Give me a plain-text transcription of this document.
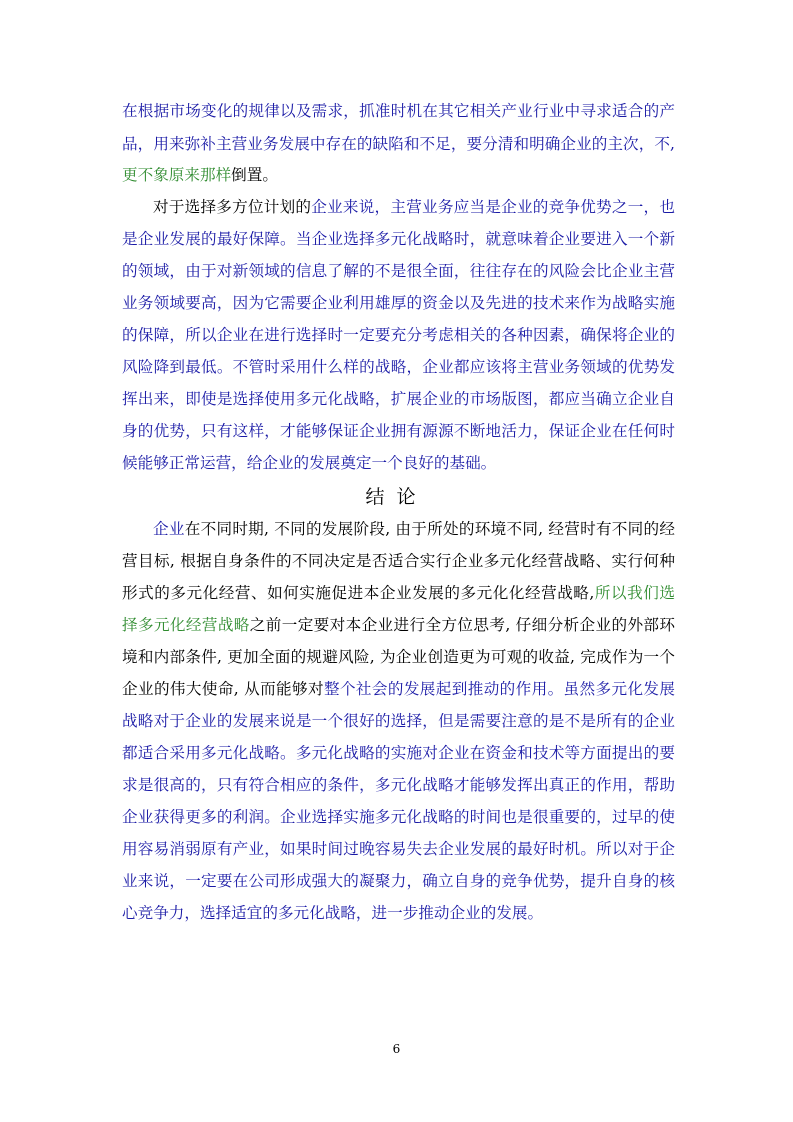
在根据市场变化的规律以及需求，抓准时机在其它相关产业行业中寻求适合的产
品，用来弥补主营业务发展中存在的缺陷和不足，要分清和明确企业的主次，不,
更不象原来那样倒置。
对于选择多方位计划的企业来说，主营业务应当是企业的竞争优势之一，也
是企业发展的最好保障。当企业选择多元化战略时，就意味着企业要进入一个新
的领域，由于对新领域的信息了解的不是很全面，往往存在的风险会比企业主营
业务领域要高，因为它需要企业利用雄厚的资金以及先进的技术来作为战略实施
的保障，所以企业在进行选择时一定要充分考虑相关的各种因素，确保将企业的
风险降到最低。不管时采用什么样的战略，企业都应该将主营业务领域的优势发
挥出来，即使是选择使用多元化战略，扩展企业的市场版图，都应当确立企业自
身的优势，只有这样，才能够保证企业拥有源源不断地活力，保证企业在任何时
候能够正常运营，给企业的发展奠定一个良好的基础。
结论
企业在不同时期, 不同的发展阶段, 由于所处的环境不同, 经营时有不同的经
营目标, 根据自身条件的不同决定是否适合实行企业多元化经营战略、实行何种
形式的多元化经营、如何实施促进本企业发展的多元化化经营战略,所以我们选
择多元化经营战略之前一定要对本企业进行全方位思考, 仔细分析企业的外部环
境和内部条件, 更加全面的规避风险, 为企业创造更为可观的收益, 完成作为一个
企业的伟大使命, 从而能够对整个社会的发展起到推动的作用。虽然多元化发展
战略对于企业的发展来说是一个很好的选择，但是需要注意的是不是所有的企业
都适合采用多元化战略。多元化战略的实施对企业在资金和技术等方面提出的要
求是很高的，只有符合相应的条件，多元化战略才能够发挥出真正的作用，帮助
企业获得更多的利润。企业选择实施多元化战略的时间也是很重要的，过早的使
用容易消弱原有产业，如果时间过晚容易失去企业发展的最好时机。所以对于企
业来说，一定要在公司形成强大的凝聚力，确立自身的竞争优势，提升自身的核
心竞争力，选择适宜的多元化战略，进一步推动企业的发展。
6
